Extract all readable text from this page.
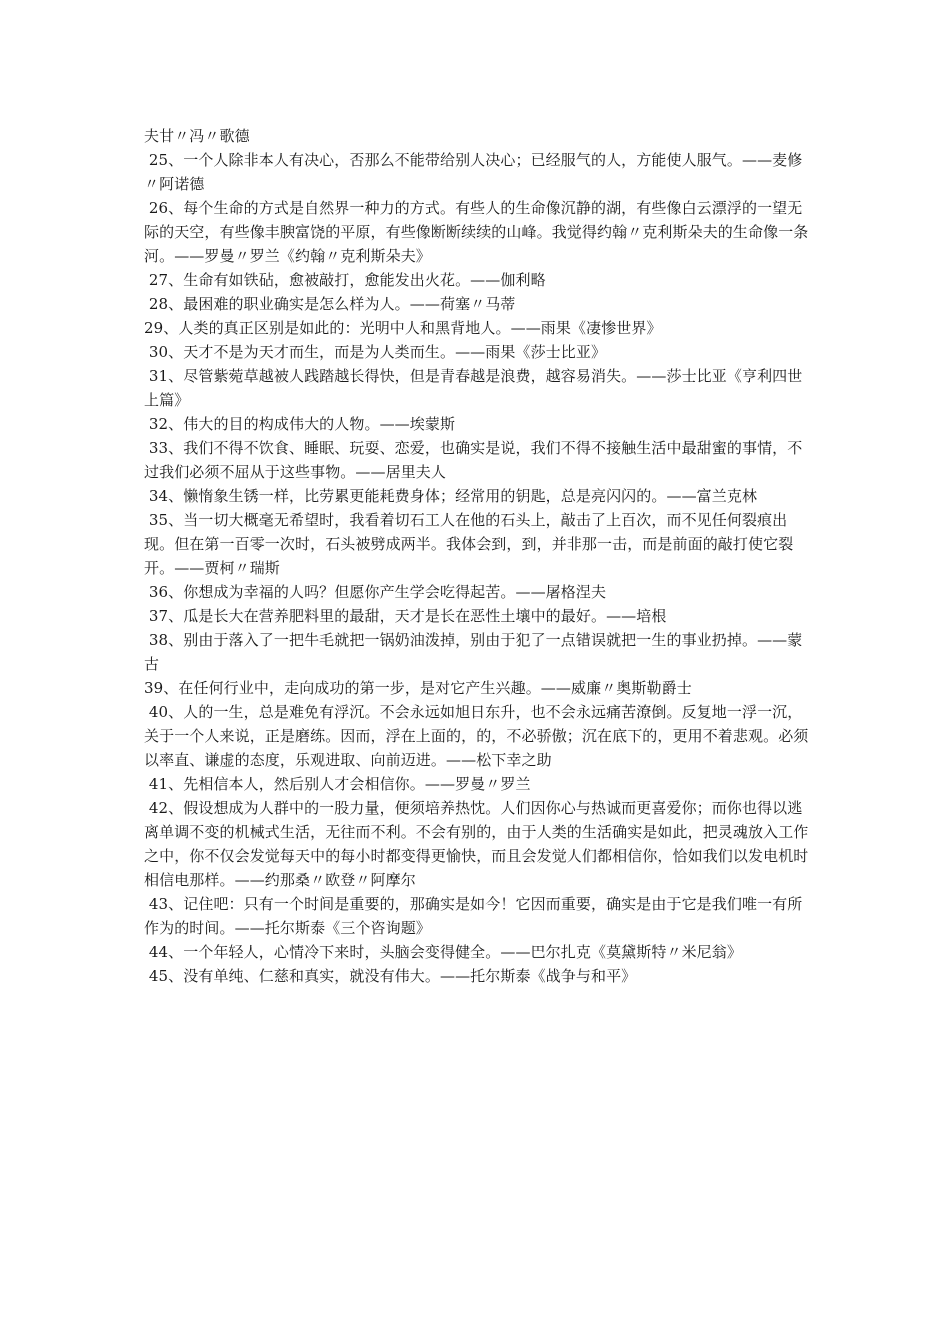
夫甘〃冯〃歌德

25、一个人除非本人有决心，否那么不能带给别人决心；已经服气的人，方能使人服气。——麦修〃阿诺德

26、每个生命的方式是自然界一种力的方式。有些人的生命像沉静的湖，有些像白云漂浮的一望无际的天空，有些像丰腴富饶的平原，有些像断断续续的山峰。我觉得约翰〃克利斯朵夫的生命像一条河。——罗曼〃罗兰《约翰〃克利斯朵夫》

27、生命有如铁砧，愈被敲打，愈能发出火花。——伽利略

28、最困难的职业确实是怎么样为人。——荷塞〃马蒂

29、人类的真正区别是如此的：光明中人和黑背地人。——雨果《凄惨世界》

30、天才不是为天才而生，而是为人类而生。——雨果《莎士比亚》

31、尽管紫菀草越被人践踏越长得快，但是青春越是浪费，越容易消失。——莎士比亚《亨利四世上篇》

32、伟大的目的构成伟大的人物。——埃蒙斯

33、我们不得不饮食、睡眠、玩耍、恋爱，也确实是说，我们不得不接触生活中最甜蜜的事情，不过我们必须不屈从于这些事物。——居里夫人

34、懒惰象生锈一样，比劳累更能耗费身体；经常用的钥匙，总是亮闪闪的。——富兰克林

35、当一切大概毫无希望时，我看着切石工人在他的石头上，敲击了上百次，而不见任何裂痕出现。但在第一百零一次时，石头被劈成两半。我体会到，到，并非那一击，而是前面的敲打使它裂开。——贾柯〃瑞斯

36、你想成为幸福的人吗？但愿你产生学会吃得起苦。——屠格涅夫

37、瓜是长大在营养肥料里的最甜，天才是长在恶性土壤中的最好。——培根

38、别由于落入了一把牛毛就把一锅奶油泼掉，别由于犯了一点错误就把一生的事业扔掉。——蒙古

39、在任何行业中，走向成功的第一步，是对它产生兴趣。——威廉〃奥斯勒爵士

40、人的一生，总是难免有浮沉。不会永远如旭日东升，也不会永远痛苦潦倒。反复地一浮一沉，关于一个人来说，正是磨练。因而，浮在上面的，的，不必骄傲；沉在底下的，更用不着悲观。必须以率直、谦虚的态度，乐观进取、向前迈进。——松下幸之助

41、先相信本人，然后别人才会相信你。——罗曼〃罗兰

42、假设想成为人群中的一股力量，便须培养热忱。人们因你心与热诚而更喜爱你；而你也得以逃离单调不变的机械式生活，无往而不利。不会有别的，由于人类的生活确实是如此，把灵魂放入工作之中，你不仅会发觉每天中的每小时都变得更愉快，而且会发觉人们都相信你，恰如我们以发电机时相信电那样。——约那桑〃欧登〃阿摩尔

43、记住吧：只有一个时间是重要的，那确实是如今！它因而重要，确实是由于它是我们唯一有所作为的时间。——托尔斯泰《三个咨询题》

44、一个年轻人，心情冷下来时，头脑会变得健全。——巴尔扎克《莫黛斯特〃米尼翁》

45、没有单纯、仁慈和真实，就没有伟大。——托尔斯泰《战争与和平》
